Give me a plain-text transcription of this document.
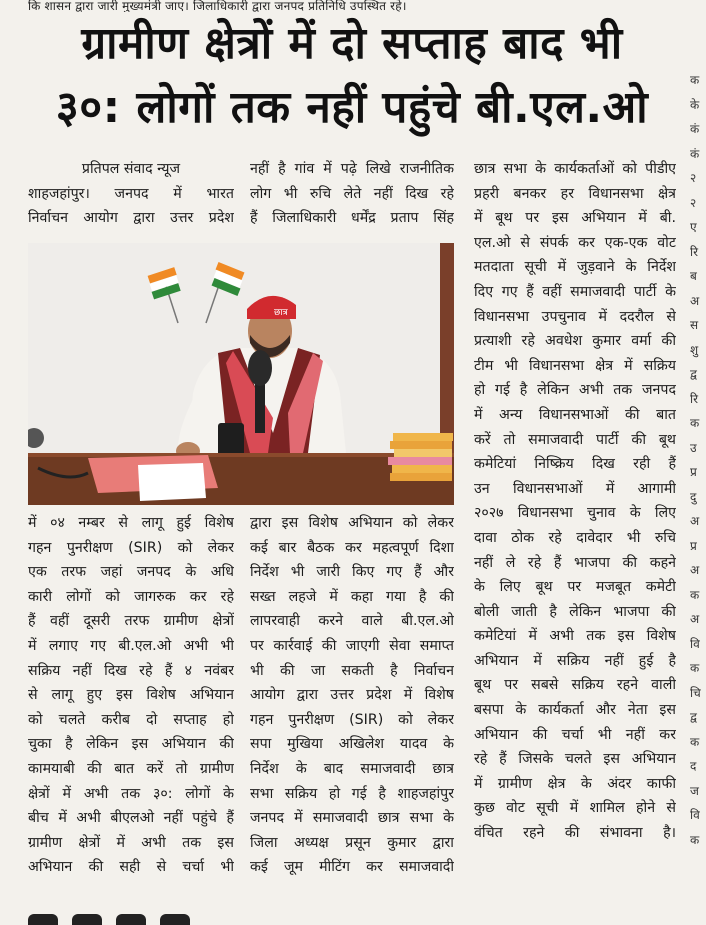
कि शासन द्वारा जारी मुख्यमंत्री जाए। जिलाधिकारी द्वारा जनपद प्रतिनिधि उपस्थित रहे।
ग्रामीण क्षेत्रों में दो सप्ताह बाद भी
३०: लोगों तक नहीं पहुंचे बी.एल.ओ
प्रतिपल संवाद न्यूज
शाहजहांपुर। जनपद में भारत
निर्वाचन आयोग द्वारा उत्तर प्रदेश
नहीं है गांव में पढ़े लिखे राजनीतिक
लोग भी रुचि लेते नहीं दिख रहे
हैं जिलाधिकारी धर्मेंद्र प्रताप सिंह
छात्र
छात्र सभा के कार्यकर्ताओं को पीडीए
प्रहरी बनकर हर विधानसभा क्षेत्र
में बूथ पर इस अभियान में बी.
एल.ओ से संपर्क कर एक-एक वोट
मतदाता सूची में जुड़वाने के निर्देश
दिए गए हैं वहीं समाजवादी पार्टी के
विधानसभा उपचुनाव में ददरौल से
प्रत्याशी रहे अवधेश कुमार वर्मा की
टीम भी विधानसभा क्षेत्र में सक्रिय
हो गई है लेकिन अभी तक जनपद
में अन्य विधानसभाओं की बात
करें तो समाजवादी पार्टी की बूथ
कमेटियां निष्क्रिय दिख रही हैं
उन विधानसभाओं में आगामी
२०२७ विधानसभा चुनाव के लिए
दावा ठोक रहे दावेदार भी रुचि
नहीं ले रहे हैं भाजपा की कहने
के लिए बूथ पर मजबूत कमेटी
बोली जाती है लेकिन भाजपा की
कमेटियां में अभी तक इस विशेष
अभियान में सक्रिय नहीं हुई है
बूथ पर सबसे सक्रिय रहने वाली
बसपा के कार्यकर्ता और नेता इस
अभियान की चर्चा भी नहीं कर
रहे हैं जिसके चलते इस अभियान
में ग्रामीण क्षेत्र के अंदर काफी
कुछ वोट सूची में शामिल होने से
वंचित रहने की संभावना है।
में ०४ नम्बर से लागू हुई विशेष
गहन पुनरीक्षण (SIR) को लेकर
एक तरफ जहां जनपद के अधि
कारी लोगों को जागरुक कर रहे
हैं वहीं दूसरी तरफ ग्रामीण क्षेत्रों
में लगाए गए बी.एल.ओ अभी भी
सक्रिय नहीं दिख रहे हैं ४ नवंबर
से लागू हुए इस विशेष अभियान
को चलते करीब दो सप्ताह हो
चुका है लेकिन इस अभियान की
कामयाबी की बात करें तो ग्रामीण
क्षेत्रों में अभी तक ३०: लोगों के
बीच में अभी बीएलओ नहीं पहुंचे हैं
ग्रामीण क्षेत्रों में अभी तक इस
अभियान की सही से चर्चा भी
द्वारा इस विशेष अभियान को लेकर
कई बार बैठक कर महत्वपूर्ण दिशा
निर्देश भी जारी किए गए हैं और
सख्त लहजे में कहा गया है की
लापरवाही करने वाले बी.एल.ओ
पर कार्रवाई की जाएगी सेवा समाप्त
भी की जा सकती है निर्वाचन
आयोग द्वारा उत्तर प्रदेश में विशेष
गहन पुनरीक्षण (SIR) को लेकर
सपा मुखिया अखिलेश यादव के
निर्देश के बाद समाजवादी छात्र
सभा सक्रिय हो गई है शाहजहांपुर
जनपद में समाजवादी छात्र सभा के
जिला अध्यक्ष प्रसून कुमार द्वारा
कई जूम मीटिंग कर समाजवादी
क
के
कं
कं
२
२
ए
रि
ब
अ
स
शु
द्व
रि
क
उ
प्र
दु
अ
प्र
अ
क
अ
वि
क
चि
द्व
क
द
ज
वि
क
